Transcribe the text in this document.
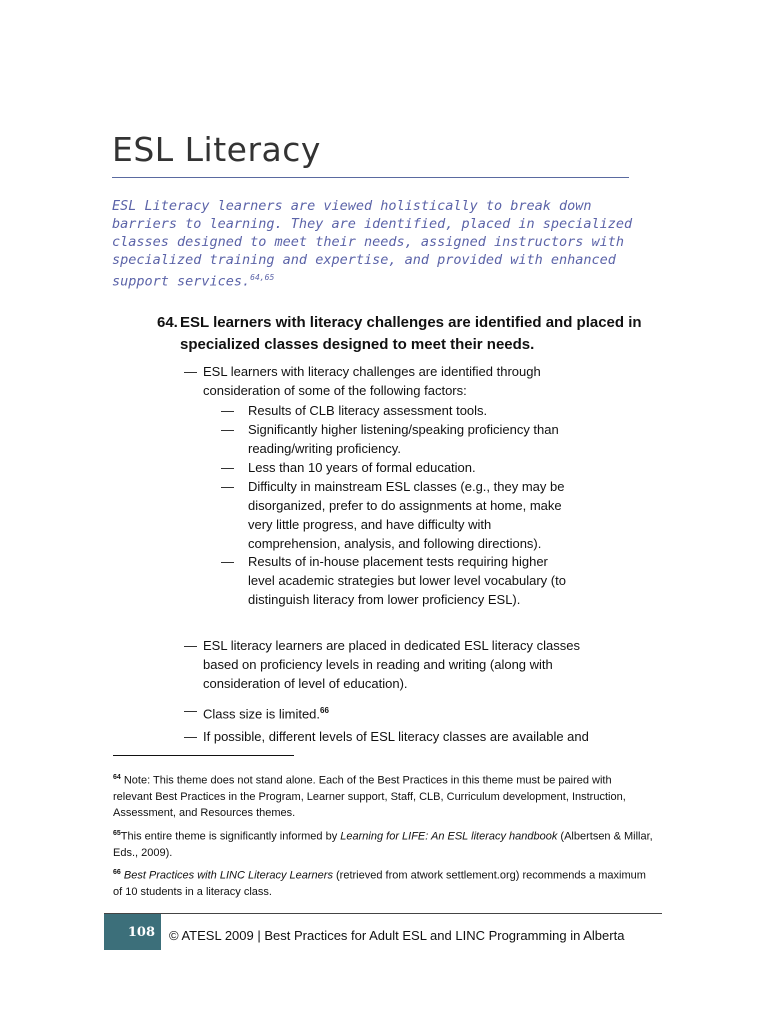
ESL Literacy

ESL Literacy learners are viewed holistically to break down barriers to learning. They are identified, placed in specialized classes designed to meet their needs, assigned instructors with specialized training and expertise, and provided with enhanced support services.$^{64,65}$

64. ESL learners with literacy challenges are identified and placed in specialized classes designed to meet their needs.
— ESL learners with literacy challenges are identified through consideration of some of the following factors:
—	Results of CLB literacy assessment tools.
—	Significantly higher listening/speaking proficiency than reading/writing proficiency.
—	Less than 10 years of formal education.
—	Difficulty in mainstream ESL classes (e.g., they may be disorganized, prefer to do assignments at home, make very little progress, and have difficulty with comprehension, analysis, and following directions).
—	Results of in-house placement tests requiring higher level academic strategies but lower level vocabulary (to distinguish literacy from lower proficiency ESL).
— ESL literacy learners are placed in dedicated ESL literacy classes based on proficiency levels in reading and writing (along with consideration of level of education).
— Class size is limited.$^{66}$
— If possible, different levels of ESL literacy classes are available and
$^{64}$ Note: This theme does not stand alone. Each of the Best Practices in this theme must be paired with relevant Best Practices in the Program, Learner support, Staff, CLB, Curriculum development, Instruction, Assessment, and Resources themes.
$^{65}$This entire theme is significantly informed by Learning for LIFE: An ESL literacy handbook (Albertsen & Millar, Eds., 2009).
$^{66}$ Best Practices with LINC Literacy Learners (retrieved from atwork settlement.org) recommends a maximum of 10 students in a literacy class.
108 © ATESL 2009 | Best Practices for Adult ESL and LINC Programming in Alberta
